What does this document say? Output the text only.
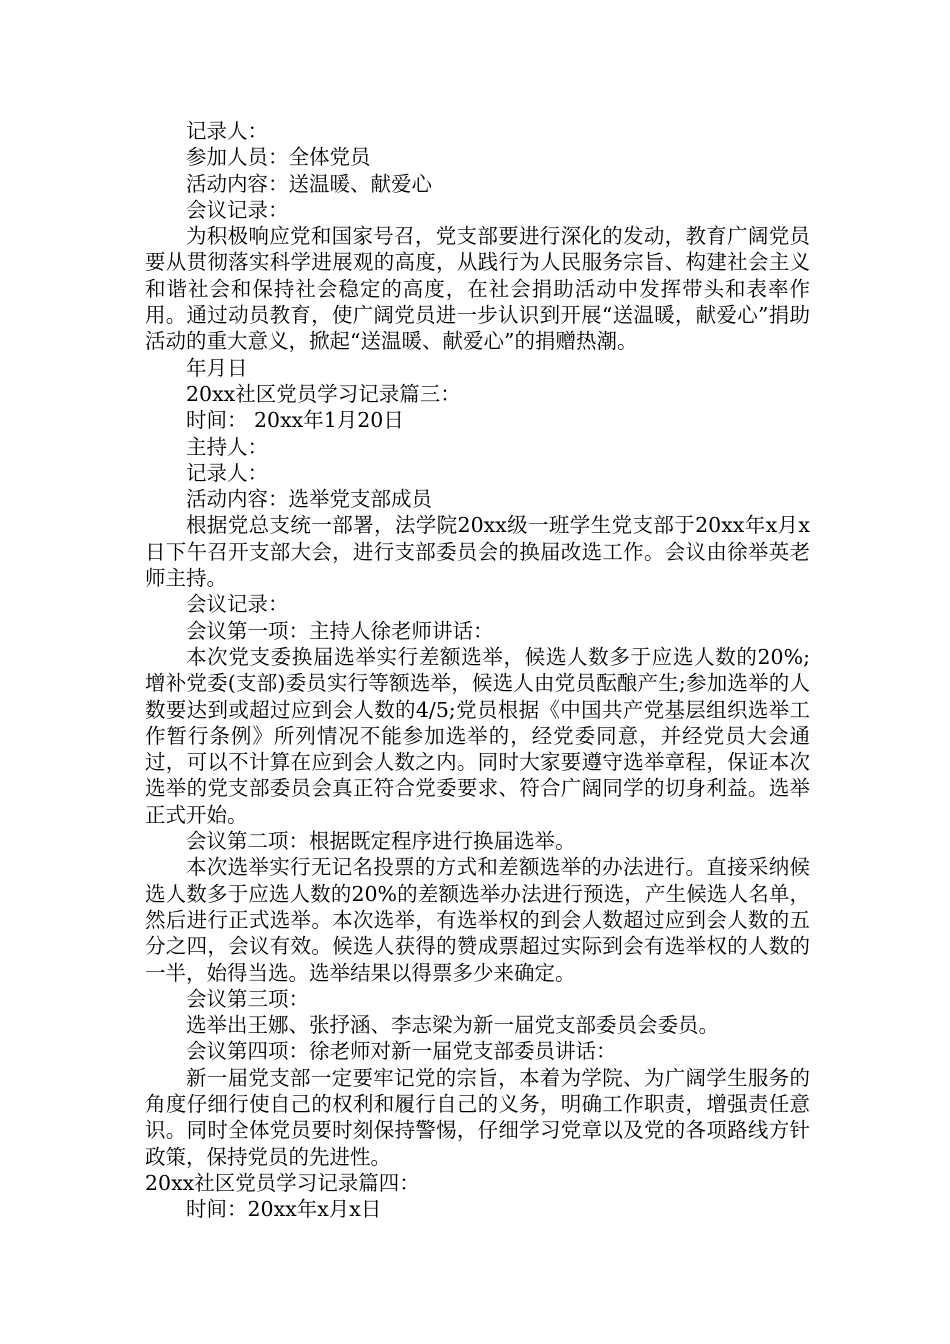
记录人：

参加人员：全体党员

活动内容：送温暖、献爱心

会议记录：

为积极响应党和国家号召，党支部要进行深化的发动，教育广阔党员要从贯彻落实科学进展观的高度，从践行为人民服务宗旨、构建社会主义和谐社会和保持社会稳定的高度，在社会捐助活动中发挥带头和表率作用。通过动员教育，使广阔党员进一步认识到开展“送温暖，献爱心”捐助活动的重大意义，掀起“送温暖、献爱心”的捐赠热潮。

年月日

20xx社区党员学习记录篇三：

时间： 20xx年1月20日

主持人：

记录人：

活动内容：选举党支部成员

根据党总支统一部署，法学院20xx级一班学生党支部于20xx年x月x日下午召开支部大会，进行支部委员会的换届改选工作。会议由徐举英老师主持。

会议记录：

会议第一项：主持人徐老师讲话：

本次党支委换届选举实行差额选举，候选人数多于应选人数的20%;增补党委(支部)委员实行等额选举，候选人由党员酝酿产生;参加选举的人数要达到或超过应到会人数的4/5;党员根据《中国共产党基层组织选举工作暂行条例》所列情况不能参加选举的，经党委同意，并经党员大会通过，可以不计算在应到会人数之内。同时大家要遵守选举章程，保证本次选举的党支部委员会真正符合党委要求、符合广阔同学的切身利益。选举正式开始。

会议第二项：根据既定程序进行换届选举。

本次选举实行无记名投票的方式和差额选举的办法进行。直接采纳候选人数多于应选人数的20%的差额选举办法进行预选，产生候选人名单，然后进行正式选举。本次选举，有选举权的到会人数超过应到会人数的五分之四，会议有效。候选人获得的赞成票超过实际到会有选举权的人数的一半，始得当选。选举结果以得票多少来确定。

会议第三项：

选举出王娜、张抒涵、李志梁为新一届党支部委员会委员。

会议第四项：徐老师对新一届党支部委员讲话：

新一届党支部一定要牢记党的宗旨，本着为学院、为广阔学生服务的角度仔细行使自己的权利和履行自己的义务，明确工作职责，增强责任意识。同时全体党员要时刻保持警惕，仔细学习党章以及党的各项路线方针政策，保持党员的先进性。

20xx社区党员学习记录篇四：

时间：20xx年x月x日
